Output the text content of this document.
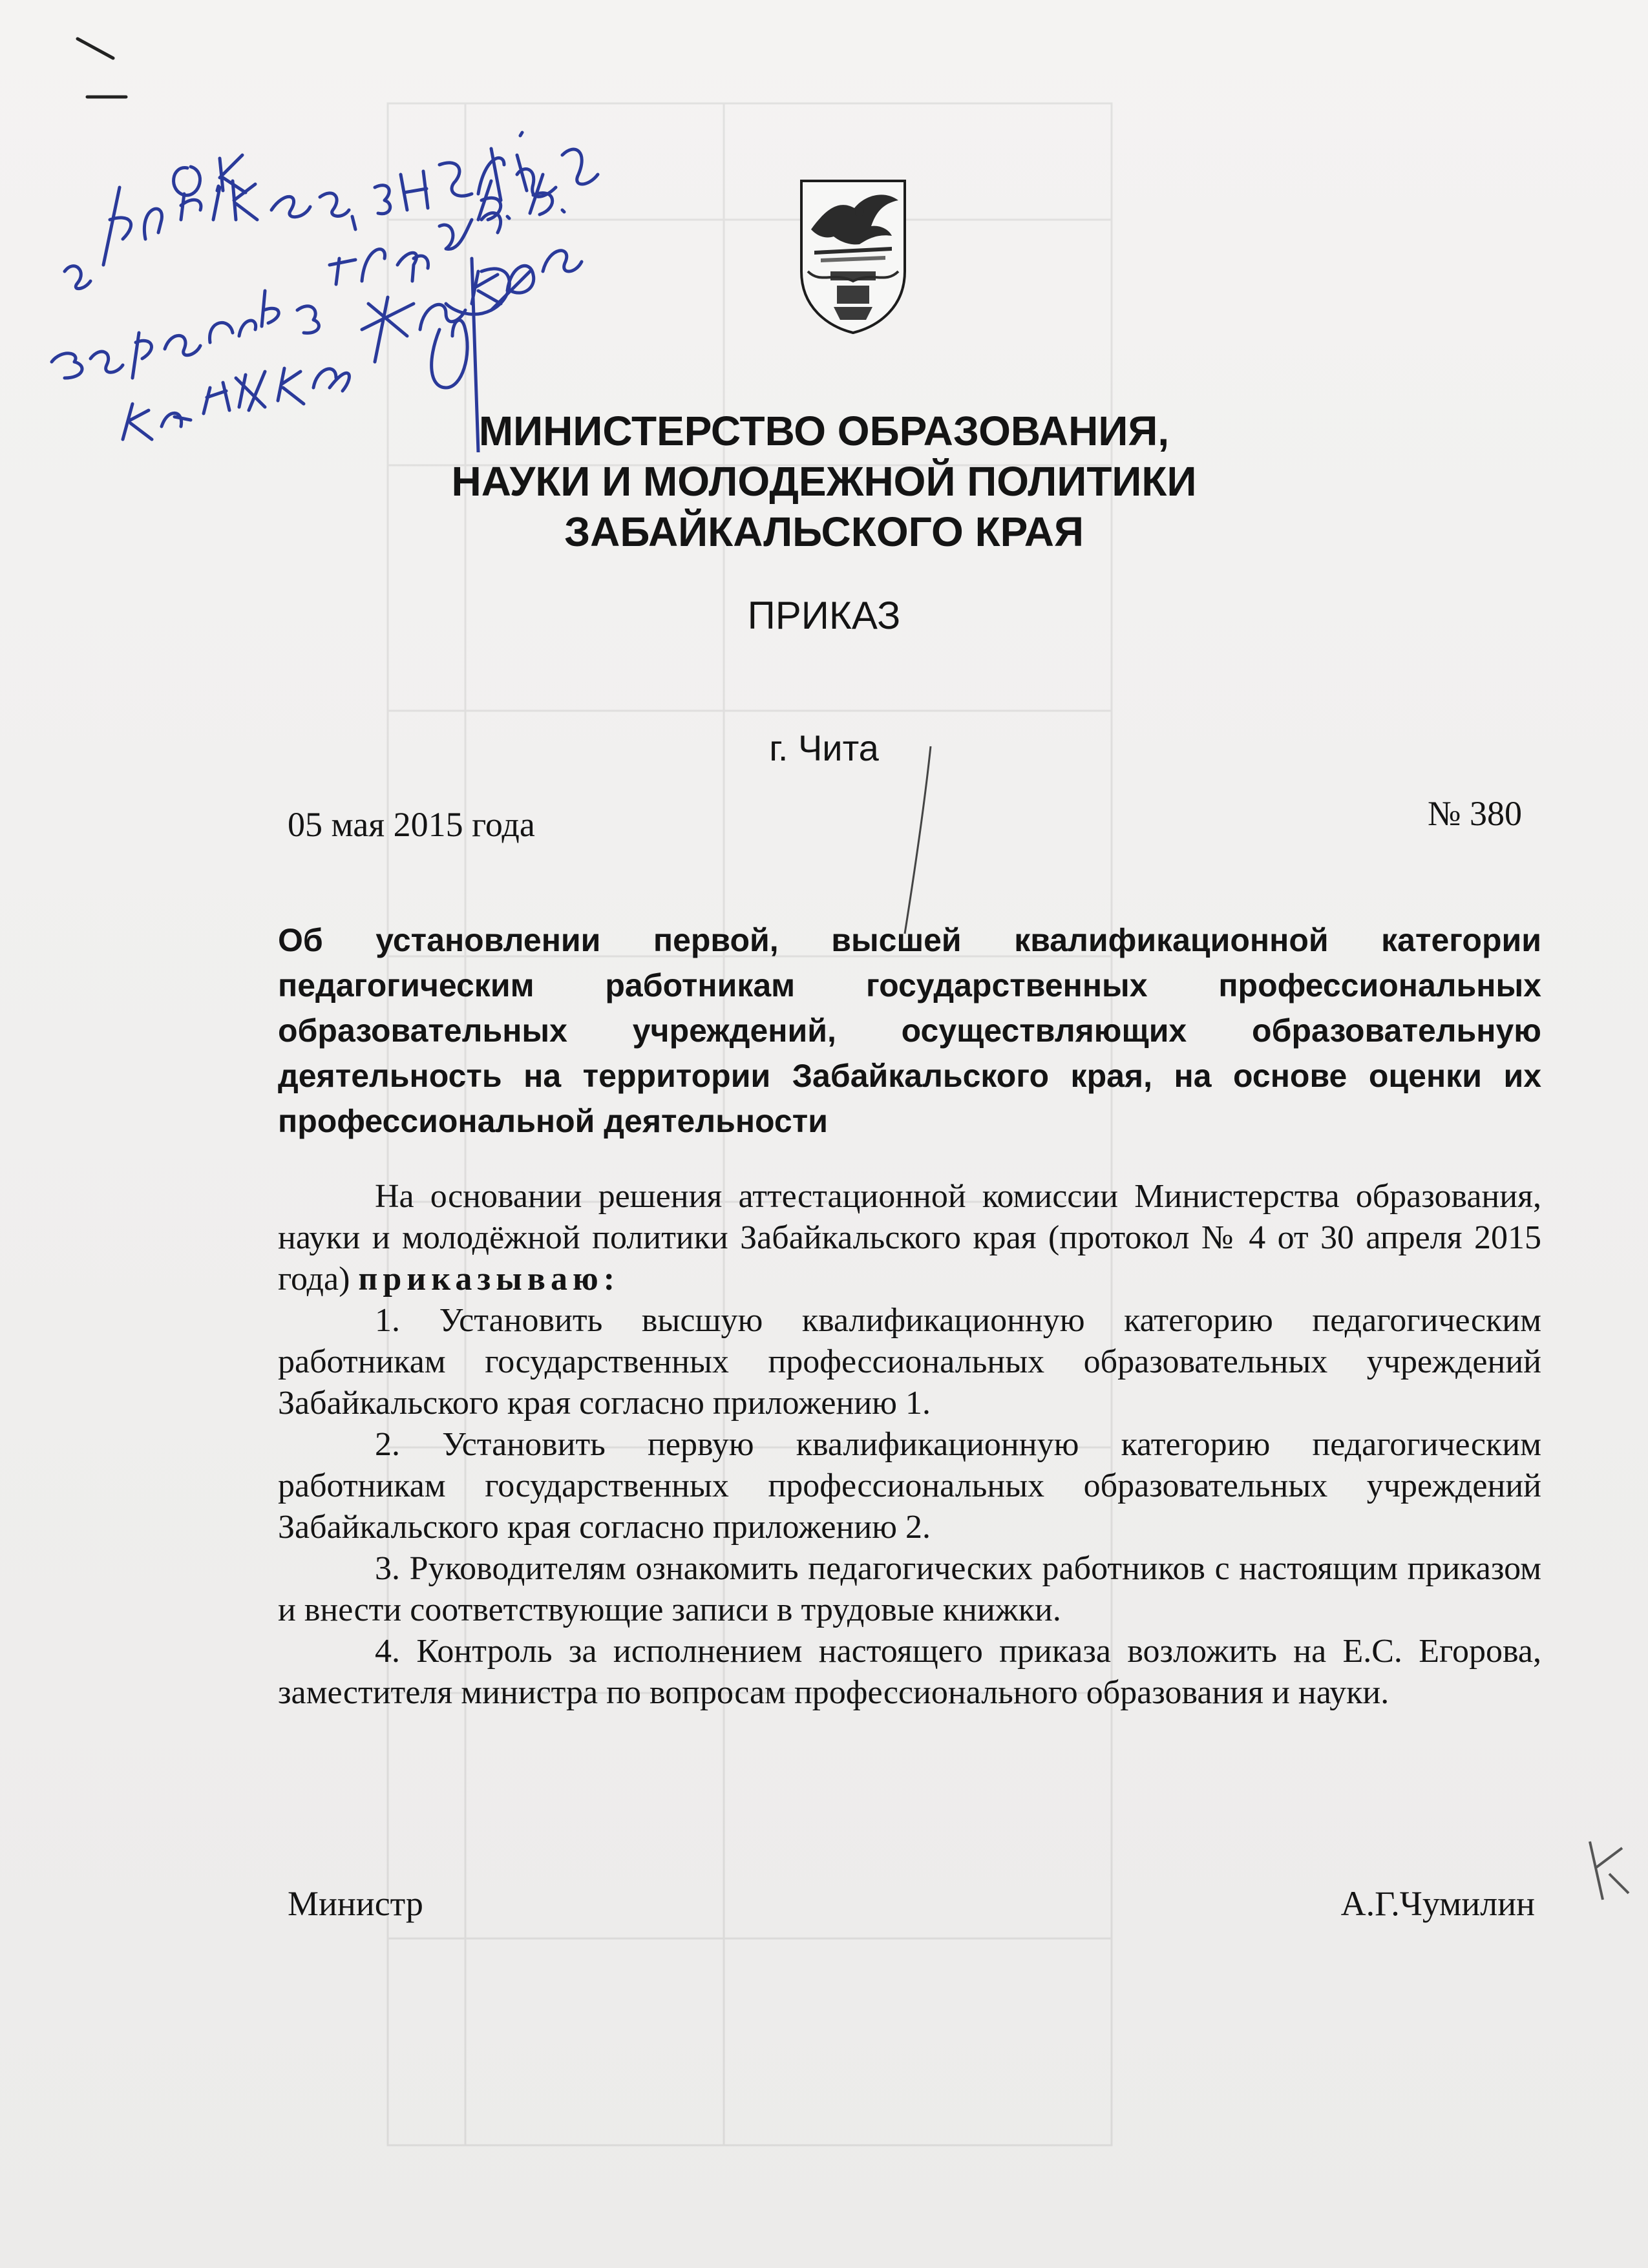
МИНИСТЕРСТВО ОБРАЗОВАНИЯ,
НАУКИ И МОЛОДЕЖНОЙ ПОЛИТИКИ
ЗАБАЙКАЛЬСКОГО КРАЯ
ПРИКАЗ
г. Чита
05 мая 2015 года	№ 380
Об установлении первой, высшей квалификационной категории педагогическим работникам государственных профессиональных образовательных учреждений, осуществляющих образовательную деятельность на территории Забайкальского края, на основе оценки их профессиональной деятельности

На основании решения аттестационной комиссии Министерства образования, науки и молодёжной политики Забайкальского края (протокол № 4 от 30 апреля 2015 года) приказываю:

1. Установить высшую квалификационную категорию педагогическим работникам государственных профессиональных образовательных учреждений Забайкальского края согласно приложению 1.

2. Установить первую квалификационную категорию педагогическим работникам государственных профессиональных образовательных учреждений Забайкальского края согласно приложению 2.

3. Руководителям ознакомить педагогических работников с настоящим приказом и внести соответствующие записи в трудовые книжки.

4. Контроль за исполнением настоящего приказа возложить на Е.С. Егорова, заместителя министра по вопросам профессионального образования и науки.

Министр	А.Г.Чумилин
